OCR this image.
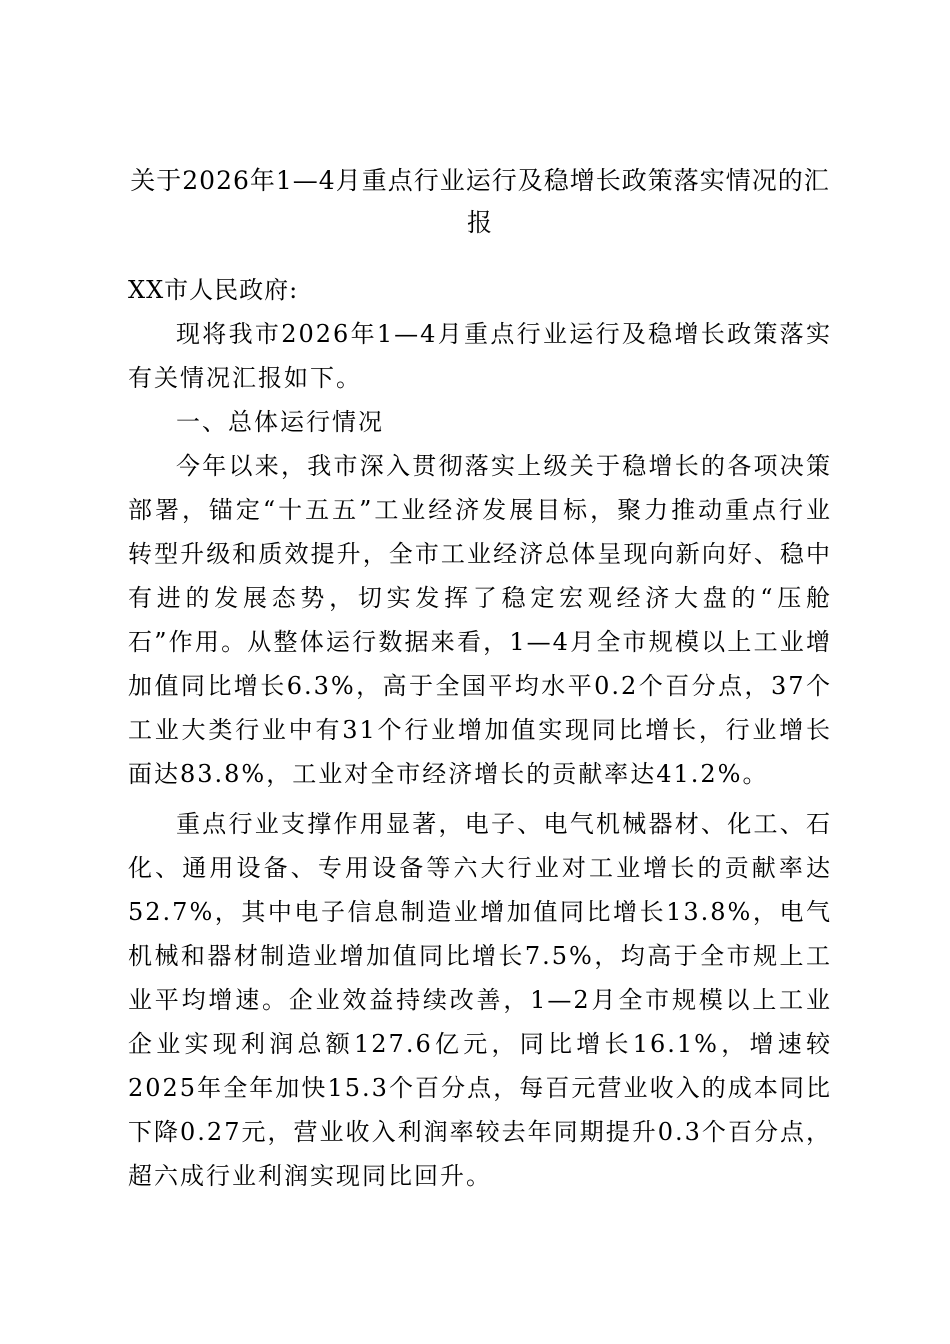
关于2026年1—4月重点行业运行及稳增长政策落实情况的汇报

XX市人民政府:

现将我市2026年1—4月重点行业运行及稳增长政策落实有关情况汇报如下。

一、总体运行情况

今年以来，我市深入贯彻落实上级关于稳增长的各项决策部署，锚定“十五五”工业经济发展目标，聚力推动重点行业转型升级和质效提升，全市工业经济总体呈现向新向好、稳中有进的发展态势，切实发挥了稳定宏观经济大盘的“压舱石”作用。从整体运行数据来看，1—4月全市规模以上工业增加值同比增长6.3%，高于全国平均水平0.2个百分点，37个工业大类行业中有31个行业增加值实现同比增长，行业增长面达83.8%，工业对全市经济增长的贡献率达41.2%。

重点行业支撑作用显著，电子、电气机械器材、化工、石化、通用设备、专用设备等六大行业对工业增长的贡献率达52.7%，其中电子信息制造业增加值同比增长13.8%，电气机械和器材制造业增加值同比增长7.5%，均高于全市规上工业平均增速。企业效益持续改善，1—2月全市规模以上工业企业实现利润总额127.6亿元，同比增长16.1%，增速较2025年全年加快15.3个百分点，每百元营业收入的成本同比下降0.27元，营业收入利润率较去年同期提升0.3个百分点，超六成行业利润实现同比回升。
